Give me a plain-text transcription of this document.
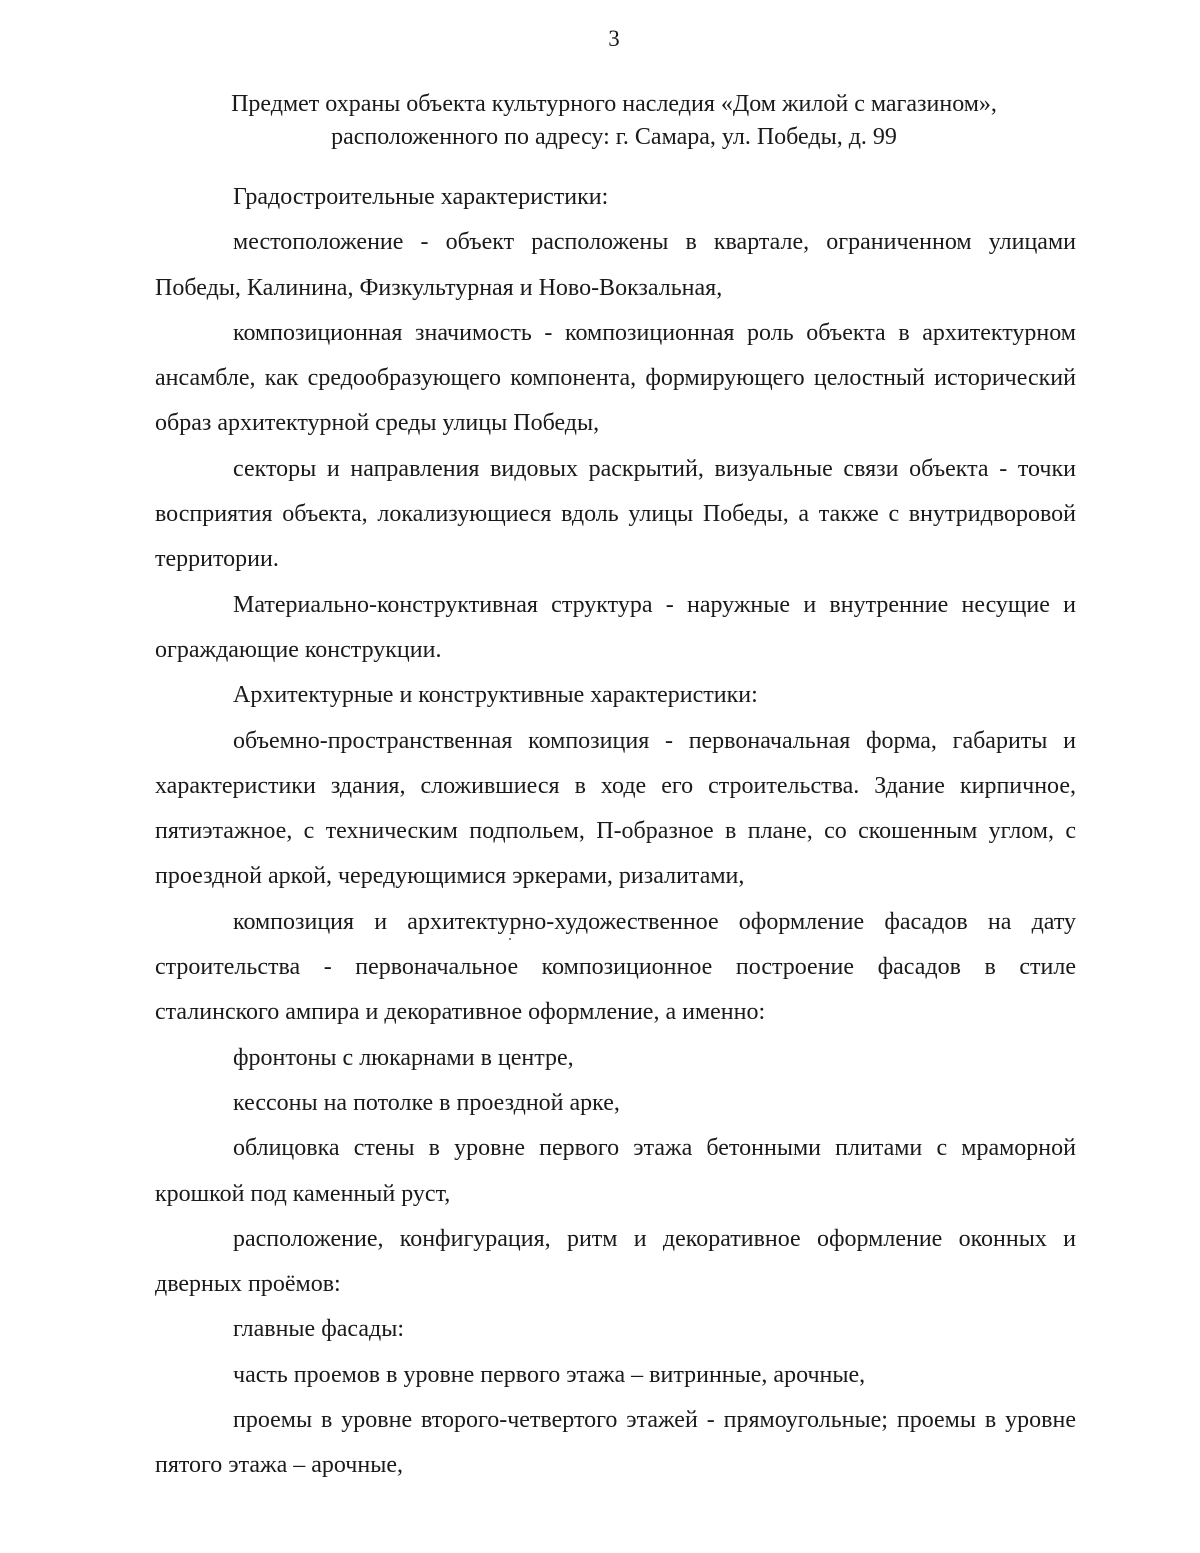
3
Предмет охраны объекта культурного наследия «Дом жилой с магазином»,
расположенного по адресу: г. Самара, ул. Победы, д. 99

Градостроительные характеристики:

местоположение - объект расположены в квартале, ограниченном улицами Победы, Калинина, Физкультурная и Ново-Вокзальная,

композиционная значимость - композиционная роль объекта в архитектурном ансамбле, как средообразующего компонента, формирующего целостный исторический образ архитектурной среды улицы Победы,

секторы и направления видовых раскрытий, визуальные связи объекта - точки восприятия объекта, локализующиеся вдоль улицы Победы, а также с внутридворовой территории.

Материально-конструктивная структура - наружные и внутренние несущие и ограждающие конструкции.

Архитектурные и конструктивные характеристики:

объемно-пространственная композиция - первоначальная форма, габариты и характеристики здания, сложившиеся в ходе его строительства. Здание кирпичное, пятиэтажное, с техническим подпольем, П-образное в плане, со скошенным углом, с проездной аркой, чередующимися эркерами, ризалитами,

композиция и архитектурно-художественное оформление фасадов на дату строительства - первоначальное композиционное построение фасадов в стиле сталинского ампира и декоративное оформление, а именно:

фронтоны с люкарнами в центре,

кессоны на потолке в проездной арке,

облицовка стены в уровне первого этажа бетонными плитами с мраморной крошкой под каменный руст,

расположение, конфигурация, ритм и декоративное оформление оконных и дверных проёмов:

главные фасады:

часть проемов в уровне первого этажа – витринные, арочные,

проемы в уровне второго-четвертого этажей - прямоугольные; проемы в уровне пятого этажа – арочные,
